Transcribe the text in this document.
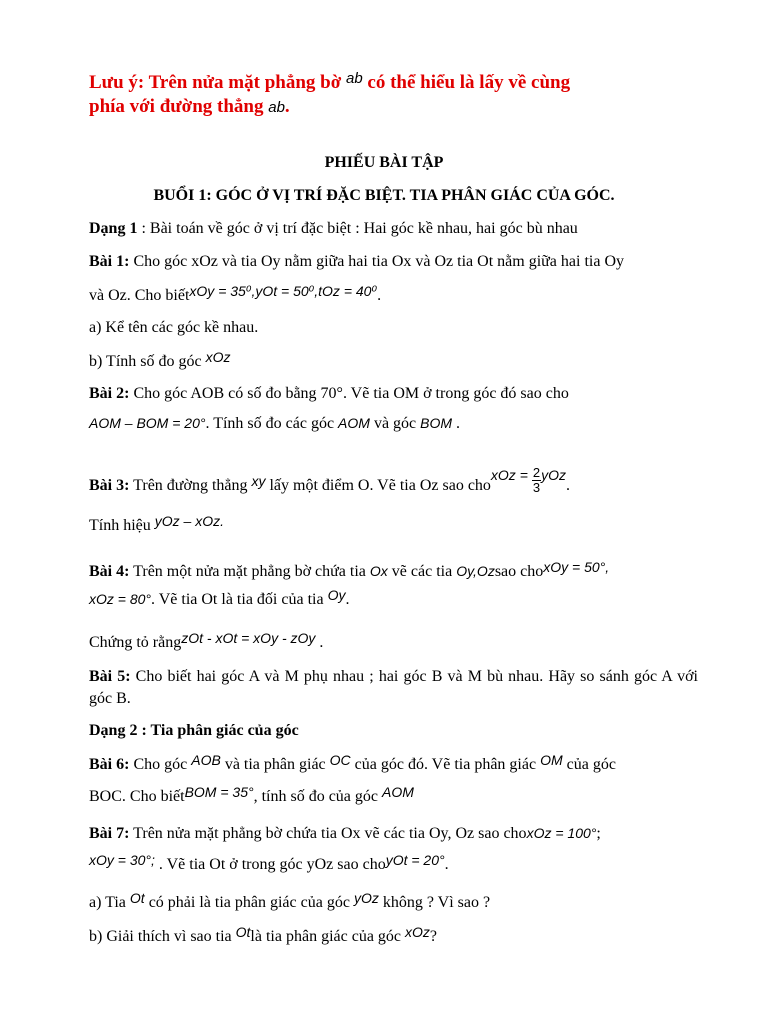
Lưu ý: Trên nửa mặt phẳng bờ $^{ab}$ có thể hiểu là lấy về cùng
phía với đường thẳng ab.
PHIẾU BÀI TẬP
BUỔI 1: GÓC Ở VỊ TRÍ ĐẶC BIỆT. TIA PHÂN GIÁC CỦA GÓC.
Dạng 1 : Bài toán về góc ở vị trí đặc biệt : Hai góc kề nhau, hai góc bù nhau
Bài 1: Cho góc xOz và tia Oy nằm giữa hai tia Ox và Oz tia Ot nằm giữa hai tia Oy
và Oz. Cho biếtxOy = 35⁰,yOt = 50⁰,tOz = 40⁰.
a) Kể tên các góc kề nhau.
b) Tính số đo góc xOz
Bài 2: Cho góc AOB có số đo bằng 70°. Vẽ tia OM ở trong góc đó sao cho
AOM – BOM = 20°. Tính số đo các góc AOM và góc BOM .
Bài 3: Trên đường thẳng xy lấy một điểm O. Vẽ tia Oz sao choxOz = $\frac{2}{3}$ yOz.
Tính hiệu yOz – xOz.
Bài 4: Trên một nửa mặt phẳng bờ chứa tia Ox vẽ các tia Oy,Ozsao choxOy = 50°,
xOz = 80°. Vẽ tia Ot là tia đối của tia Oy.
Chứng tỏ rằngzOt - xOt = xOy - zOy .
Bài 5: Cho biết hai góc A và M phụ nhau ; hai góc B và M bù nhau. Hãy so sánh góc A với góc B.
Dạng 2 : Tia phân giác của góc
Bài 6: Cho góc AOB và tia phân giác OC của góc đó. Vẽ tia phân giác OM của góc
BOC. Cho biếtBOM = 35°, tính số đo của góc AOM
Bài 7: Trên nửa mặt phẳng bờ chứa tia Ox vẽ các tia Oy, Oz sao choxOz = 100°;
xOy = 30°; . Vẽ tia Ot ở trong góc yOz sao choyOt = 20°.
a) Tia Ot có phải là tia phân giác của góc yOz không ? Vì sao ?
b) Giải thích vì sao tia Otlà tia phân giác của góc xOz?
